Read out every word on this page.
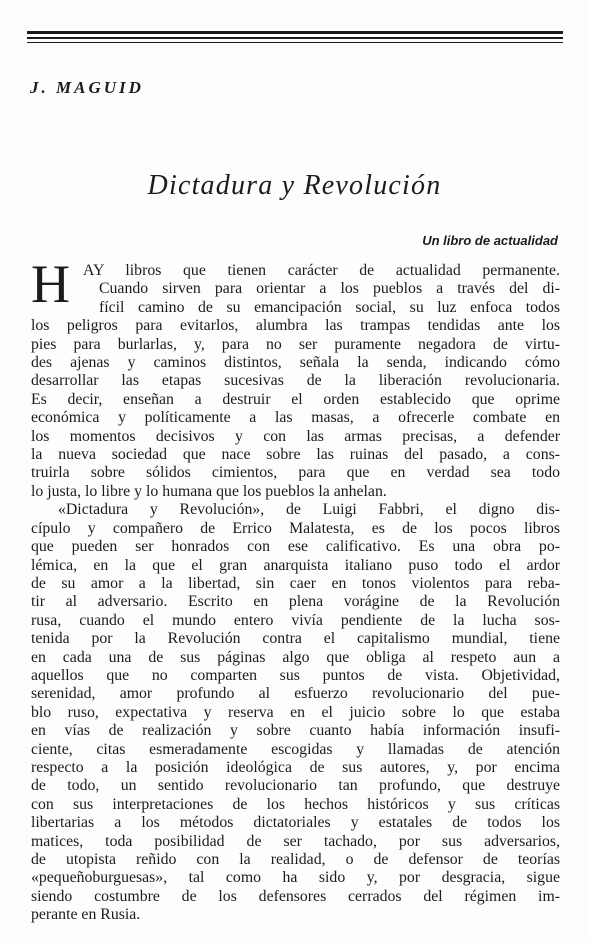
J. MAGUID
Dictadura y Revolución

Un libro de actualidad

H AY libros que tienen carácter de actualidad permanente.
Cuando sirven para orientar a los pueblos a través del di-
fícil camino de su emancipación social, su luz enfoca todos
los peligros para evitarlos, alumbra las trampas tendidas ante los
pies para burlarlas, y, para no ser puramente negadora de virtu-
des ajenas y caminos distintos, señala la senda, indicando cómo
desarrollar las etapas sucesivas de la liberación revolucionaria.
Es decir, enseñan a destruir el orden establecido que oprime
económica y políticamente a las masas, a ofrecerle combate en
los momentos decisivos y con las armas precisas, a defender
la nueva sociedad que nace sobre las ruinas del pasado, a cons-
truirla sobre sólidos cimientos, para que en verdad sea todo
lo justa, lo libre y lo humana que los pueblos la anhelan.
«Dictadura y Revolución», de Luigi Fabbri, el digno dis-
cípulo y compañero de Errico Malatesta, es de los pocos libros
que pueden ser honrados con ese calificativo. Es una obra po-
lémica, en la que el gran anarquista italiano puso todo el ardor
de su amor a la libertad, sin caer en tonos violentos para reba-
tir al adversario. Escrito en plena vorágine de la Revolución
rusa, cuando el mundo entero vivía pendiente de la lucha sos-
tenida por la Revolución contra el capitalismo mundial, tiene
en cada una de sus páginas algo que obliga al respeto aun a
aquellos que no comparten sus puntos de vista. Objetividad,
serenidad, amor profundo al esfuerzo revolucionario del pue-
blo ruso, expectativa y reserva en el juicio sobre lo que estaba
en vías de realización y sobre cuanto había información insufi-
ciente, citas esmeradamente escogidas y llamadas de atención
respecto a la posición ideológica de sus autores, y, por encima
de todo, un sentido revolucionario tan profundo, que destruye
con sus interpretaciones de los hechos históricos y sus críticas
libertarias a los métodos dictatoriales y estatales de todos los
matices, toda posibilidad de ser tachado, por sus adversarios,
de utopista reñido con la realidad, o de defensor de teorías
«pequeñoburguesas», tal como ha sido y, por desgracia, sigue
siendo costumbre de los defensores cerrados del régimen im-
perante en Rusia.
